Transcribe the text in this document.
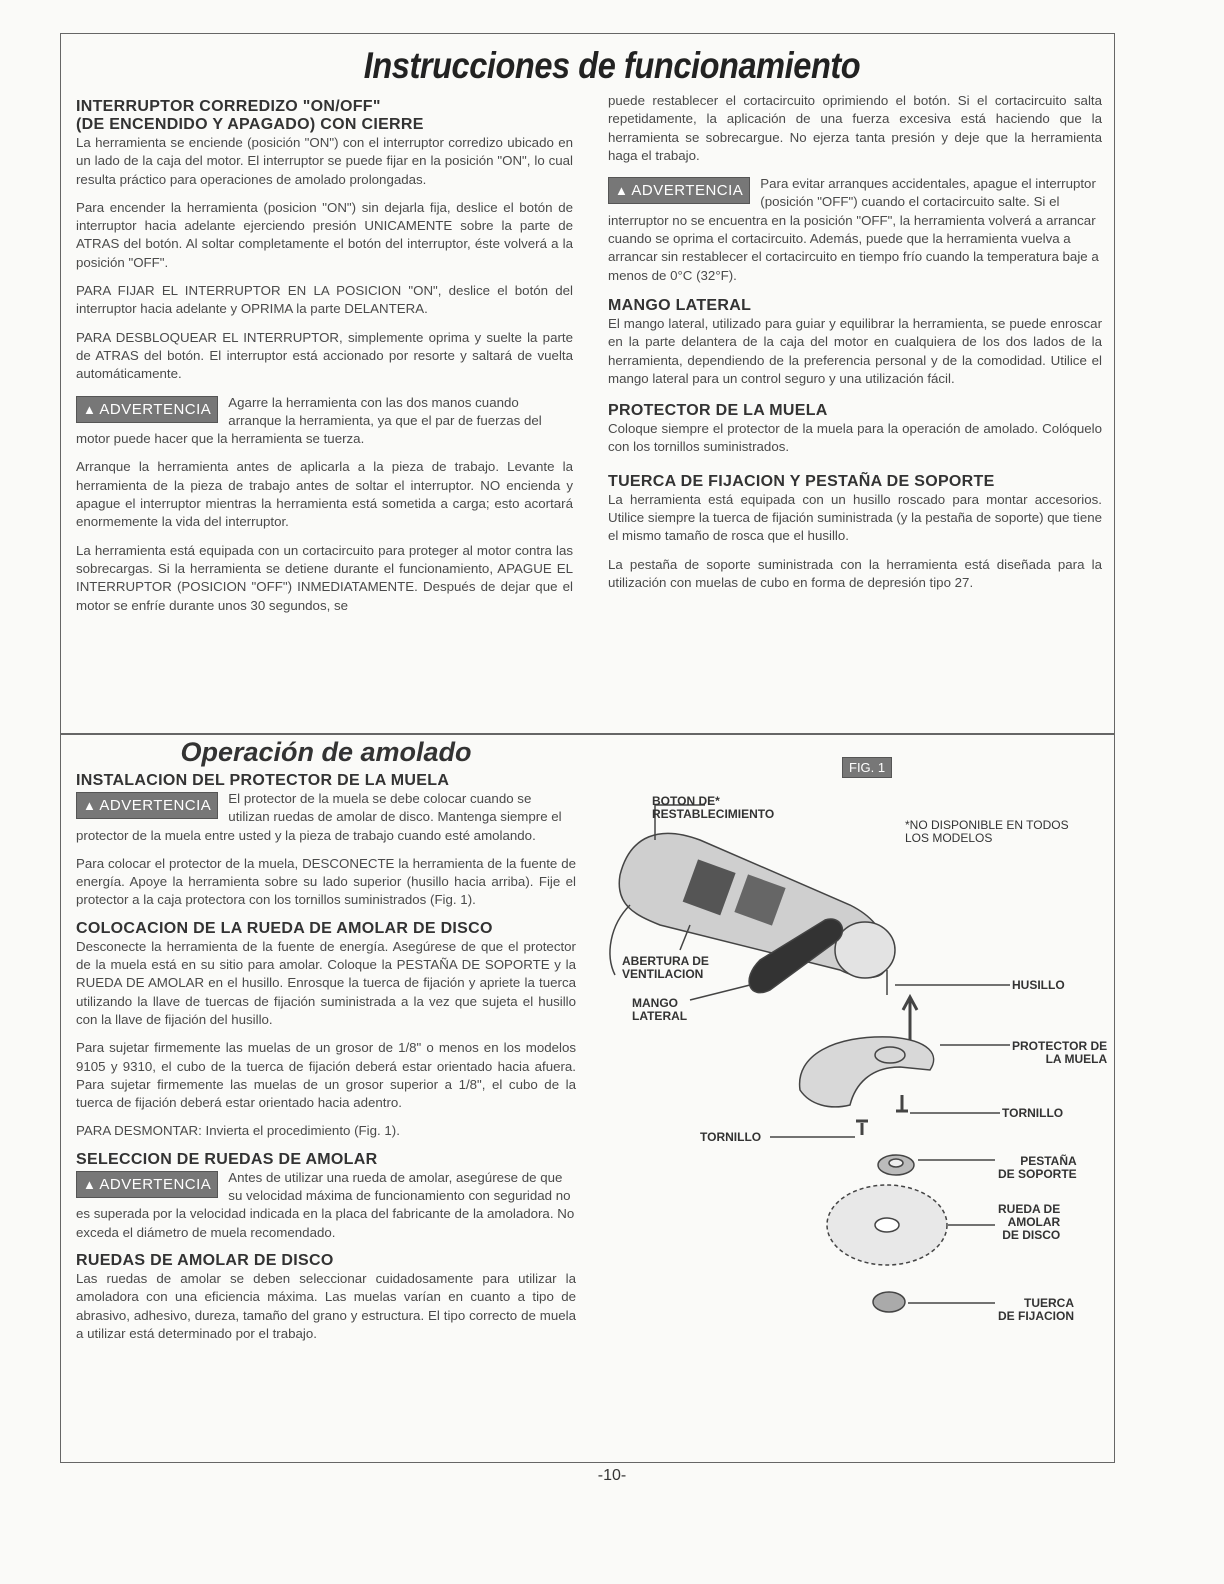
Instrucciones de funcionamiento
INTERRUPTOR CORREDIZO "ON/OFF"
(DE ENCENDIDO Y APAGADO) CON CIERRE

La herramienta se enciende (posición "ON") con el interruptor corredizo ubicado en un lado de la caja del motor. El interruptor se puede fijar en la posición "ON", lo cual resulta práctico para operaciones de amolado prolongadas.

Para encender la herramienta (posicion "ON") sin dejarla fija, deslice el botón de interruptor hacia adelante ejerciendo presión UNICAMENTE sobre la parte de ATRAS del botón. Al soltar completamente el botón del interruptor, éste volverá a la posición "OFF".

PARA FIJAR EL INTERRUPTOR EN LA POSICION "ON", deslice el botón del interruptor hacia adelante y OPRIMA la parte DELANTERA.

PARA DESBLOQUEAR EL INTERRUPTOR, simplemente oprima y suelte la parte de ATRAS del botón. El interruptor está accionado por resorte y saltará de vuelta automáticamente.

▲ ADVERTENCIA	Agarre la herramienta con las dos manos cuando arranque la herramienta, ya que el par de fuerzas del motor puede hacer que la herramienta se tuerza.

Arranque la herramienta antes de aplicarla a la pieza de trabajo. Levante la herramienta de la pieza de trabajo antes de soltar el interruptor. NO encienda y apague el interruptor mientras la herramienta está sometida a carga; esto acortará enormemente la vida del interruptor.

La herramienta está equipada con un cortacircuito para proteger al motor contra las sobrecargas. Si la herramienta se detiene durante el funcionamiento, APAGUE EL INTERRUPTOR (POSICION "OFF") INMEDIATAMENTE. Después de dejar que el motor se enfríe durante unos 30 segundos, se

puede restablecer el cortacircuito oprimiendo el botón. Si el cortacircuito salta repetidamente, la aplicación de una fuerza excesiva está haciendo que la herramienta se sobrecargue. No ejerza tanta presión y deje que la herramienta haga el trabajo.

▲ ADVERTENCIA	Para evitar arranques accidentales, apague el interruptor (posición "OFF") cuando el cortacircuito salte. Si el interruptor no se encuentra en la posición "OFF", la herramienta volverá a arrancar cuando se oprima el cortacircuito. Además, puede que la herramienta vuelva a arrancar sin restablecer el cortacircuito en tiempo frío cuando la temperatura baje a menos de 0°C (32°F).
MANGO LATERAL

El mango lateral, utilizado para guiar y equilibrar la herramienta, se puede enroscar en la parte delantera de la caja del motor en cualquiera de los dos lados de la herramienta, dependiendo de la preferencia personal y de la comodidad. Utilice el mango lateral para un control seguro y una utilización fácil.

PROTECTOR DE LA MUELA

Coloque siempre el protector de la muela para la operación de amolado. Colóquelo con los tornillos suministrados.

TUERCA DE FIJACION Y PESTAÑA DE SOPORTE

La herramienta está equipada con un husillo roscado para montar accesorios. Utilice siempre la tuerca de fijación suministrada (y la pestaña de soporte) que tiene el mismo tamaño de rosca que el husillo.

La pestaña de soporte suministrada con la herramienta está diseñada para la utilización con muelas de cubo en forma de depresión tipo 27.

Operación de amolado
INSTALACION DEL PROTECTOR DE LA MUELA
▲ ADVERTENCIA	El protector de la muela se debe colocar cuando se utilizan ruedas de amolar de disco. Mantenga siempre el protector de la muela entre usted y la pieza de trabajo cuando esté amolando.

Para colocar el protector de la muela, DESCONECTE la herramienta de la fuente de energía. Apoye la herramienta sobre su lado superior (husillo hacia arriba). Fije el protector a la caja protectora con los tornillos suministrados (Fig. 1).

COLOCACION DE LA RUEDA DE AMOLAR DE DISCO

Desconecte la herramienta de la fuente de energía. Asegúrese de que el protector de la muela está en su sitio para amolar. Coloque la PESTAÑA DE SOPORTE y la RUEDA DE AMOLAR en el husillo. Enrosque la tuerca de fijación y apriete la tuerca utilizando la llave de tuercas de fijación suministrada a la vez que sujeta el husillo con la llave de fijación del husillo.

Para sujetar firmemente las muelas de un grosor de 1/8" o menos en los modelos 9105 y 9310, el cubo de la tuerca de fijación deberá estar orientado hacia afuera. Para sujetar firmemente las muelas de un grosor superior a 1/8", el cubo de la tuerca de fijación deberá estar orientado hacia adentro.

PARA DESMONTAR: Invierta el procedimiento (Fig. 1).

SELECCION DE RUEDAS DE AMOLAR
▲ ADVERTENCIA	Antes de utilizar una rueda de amolar, asegúrese de que su velocidad máxima de funcionamiento con seguridad no es superada por la velocidad indicada en la placa del fabricante de la amoladora. No exceda el diámetro de muela recomendado.
RUEDAS DE AMOLAR DE DISCO

Las ruedas de amolar se deben seleccionar cuidadosamente para utilizar la amoladora con una eficiencia máxima. Las muelas varían en cuanto a tipo de abrasivo, adhesivo, dureza, tamaño del grano y estructura. El tipo correcto de muela a utilizar está determinado por el trabajo.

FIG. 1
BOTON DE*
RESTABLECIMIENTO
*NO DISPONIBLE EN TODOS
LOS MODELOS
ABERTURA DE
VENTILACION
MANGO
LATERAL
HUSILLO
PROTECTOR DE
LA MUELA
TORNILLO
TORNILLO
PESTAÑA
DE SOPORTE
RUEDA DE
AMOLAR
DE DISCO
TUERCA
DE FIJACION
-10-
